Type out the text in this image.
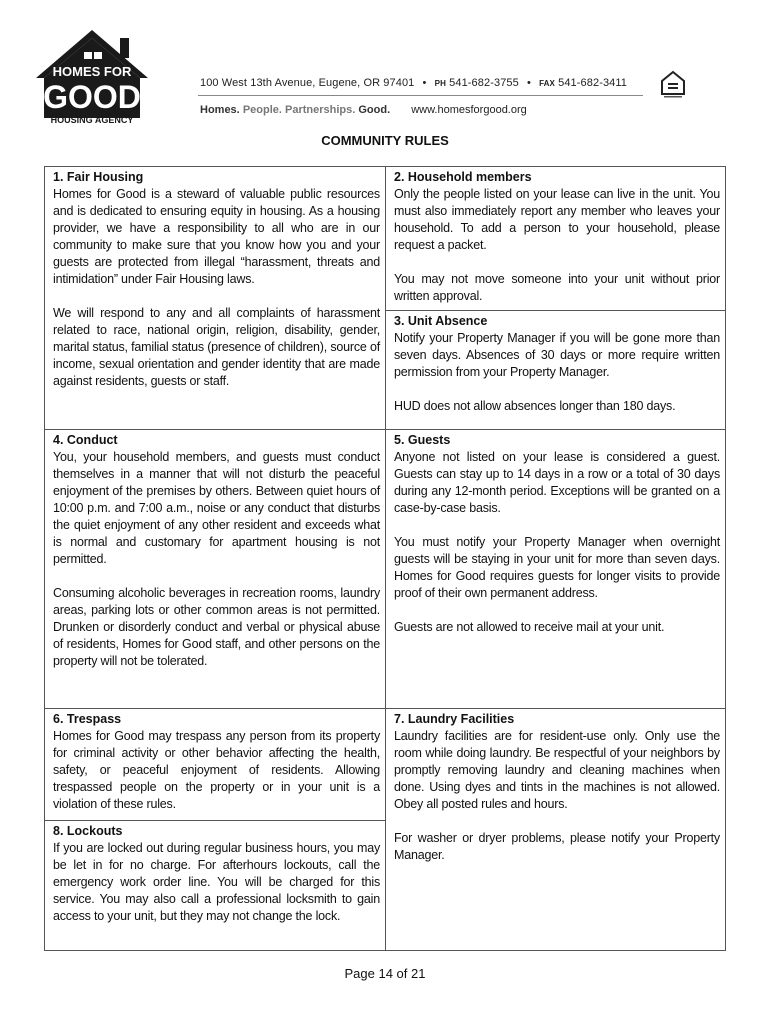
HOMES FOR
GOOD
HOUSING AGENCY
100 West 13th Avenue, Eugene, OR 97401 • PH 541-682-3755 • FAX 541-682-3411
Homes. People. Partnerships. Good. www.homesforgood.org
COMMUNITY RULES
1. Fair Housing

Homes for Good is a steward of valuable public resources and is dedicated to ensuring equity in housing. As a housing provider, we have a responsibility to all who are in our community to make sure that you know how you and your guests are protected from illegal “harassment, threats and intimidation” under Fair Housing laws.

We will respond to any and all complaints of harassment related to race, national origin, religion, disability, gender, marital status, familial status (presence of children), source of income, sexual orientation and gender identity that are made against residents, guests or staff.

4. Conduct

You, your household members, and guests must conduct themselves in a manner that will not disturb the peaceful enjoyment of the premises by others. Between quiet hours of 10:00 p.m. and 7:00 a.m., noise or any conduct that disturbs the quiet enjoyment of any other resident and exceeds what is normal and customary for apartment housing is not permitted.

Consuming alcoholic beverages in recreation rooms, laundry areas, parking lots or other common areas is not permitted. Drunken or disorderly conduct and verbal or physical abuse of residents, Homes for Good staff, and other persons on the property will not be tolerated.

6. Trespass

Homes for Good may trespass any person from its property for criminal activity or other behavior affecting the health, safety, or peaceful enjoyment of residents. Allowing trespassed people on the property or in your unit is a violation of these rules.

8. Lockouts

If you are locked out during regular business hours, you may be let in for no charge. For afterhours lockouts, call the emergency work order line. You will be charged for this service. You may also call a professional locksmith to gain access to your unit, but they may not change the lock.

2. Household members

Only the people listed on your lease can live in the unit. You must also immediately report any member who leaves your household. To add a person to your household, please request a packet.

You may not move someone into your unit without prior written approval.

3. Unit Absence

Notify your Property Manager if you will be gone more than seven days. Absences of 30 days or more require written permission from your Property Manager.

HUD does not allow absences longer than 180 days.

5. Guests

Anyone not listed on your lease is considered a guest. Guests can stay up to 14 days in a row or a total of 30 days during any 12-month period. Exceptions will be granted on a case-by-case basis.

You must notify your Property Manager when overnight guests will be staying in your unit for more than seven days. Homes for Good requires guests for longer visits to provide proof of their own permanent address.

Guests are not allowed to receive mail at your unit.

7. Laundry Facilities

Laundry facilities are for resident-use only. Only use the room while doing laundry. Be respectful of your neighbors by promptly removing laundry and cleaning machines when done. Using dyes and tints in the machines is not allowed. Obey all posted rules and hours.

For washer or dryer problems, please notify your Property Manager.

Page 14 of 21
